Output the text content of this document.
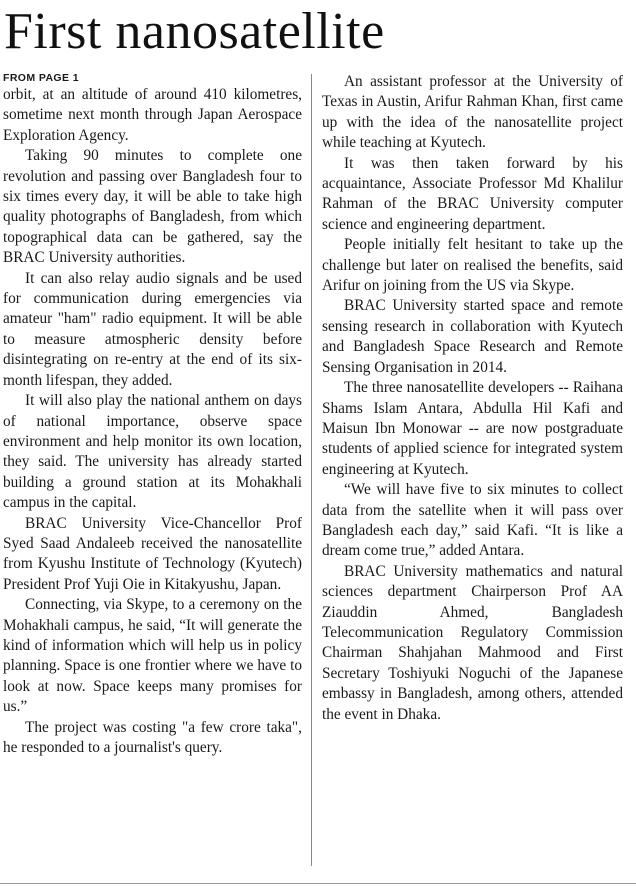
First nanosatellite
FROM PAGE 1

orbit, at an altitude of around 410 kilometres, sometime next month through Japan Aerospace Exploration Agency.

Taking 90 minutes to complete one revolution and passing over Bangladesh four to six times every day, it will be able to take high quality photographs of Bangladesh, from which topographical data can be gathered, say the BRAC University authorities.

It can also relay audio signals and be used for communication during emergencies via amateur "ham" radio equipment. It will be able to measure atmospheric density before disintegrating on re-entry at the end of its six-month lifespan, they added.

It will also play the national anthem on days of national importance, observe space environment and help monitor its own location, they said. The university has already started building a ground station at its Mohakhali campus in the capital.

BRAC University Vice-Chancellor Prof Syed Saad Andaleeb received the nanosatellite from Kyushu Institute of Technology (Kyutech) President Prof Yuji Oie in Kitakyushu, Japan.

Connecting, via Skype, to a ceremony on the Mohakhali campus, he said, “It will generate the kind of information which will help us in policy planning. Space is one frontier where we have to look at now. Space keeps many promises for us.”

The project was costing "a few crore taka", he responded to a journalist's query.

An assistant professor at the University of Texas in Austin, Arifur Rahman Khan, first came up with the idea of the nanosatellite project while teaching at Kyutech.

It was then taken forward by his acquaintance, Associate Professor Md Khalilur Rahman of the BRAC University computer science and engineering department.

People initially felt hesitant to take up the challenge but later on realised the benefits, said Arifur on joining from the US via Skype.

BRAC University started space and remote sensing research in collaboration with Kyutech and Bangladesh Space Research and Remote Sensing Organisation in 2014.

The three nanosatellite developers -- Raihana Shams Islam Antara, Abdulla Hil Kafi and Maisun Ibn Monowar -- are now postgraduate students of applied science for integrated system engineering at Kyutech.

“We will have five to six minutes to collect data from the satellite when it will pass over Bangladesh each day,” said Kafi. “It is like a dream come true,” added Antara.

BRAC University mathematics and natural sciences department Chairperson Prof AA Ziauddin Ahmed, Bangladesh Telecommunication Regulatory Commission Chairman Shahjahan Mahmood and First Secretary Toshiyuki Noguchi of the Japanese embassy in Bangladesh, among others, attended the event in Dhaka.
